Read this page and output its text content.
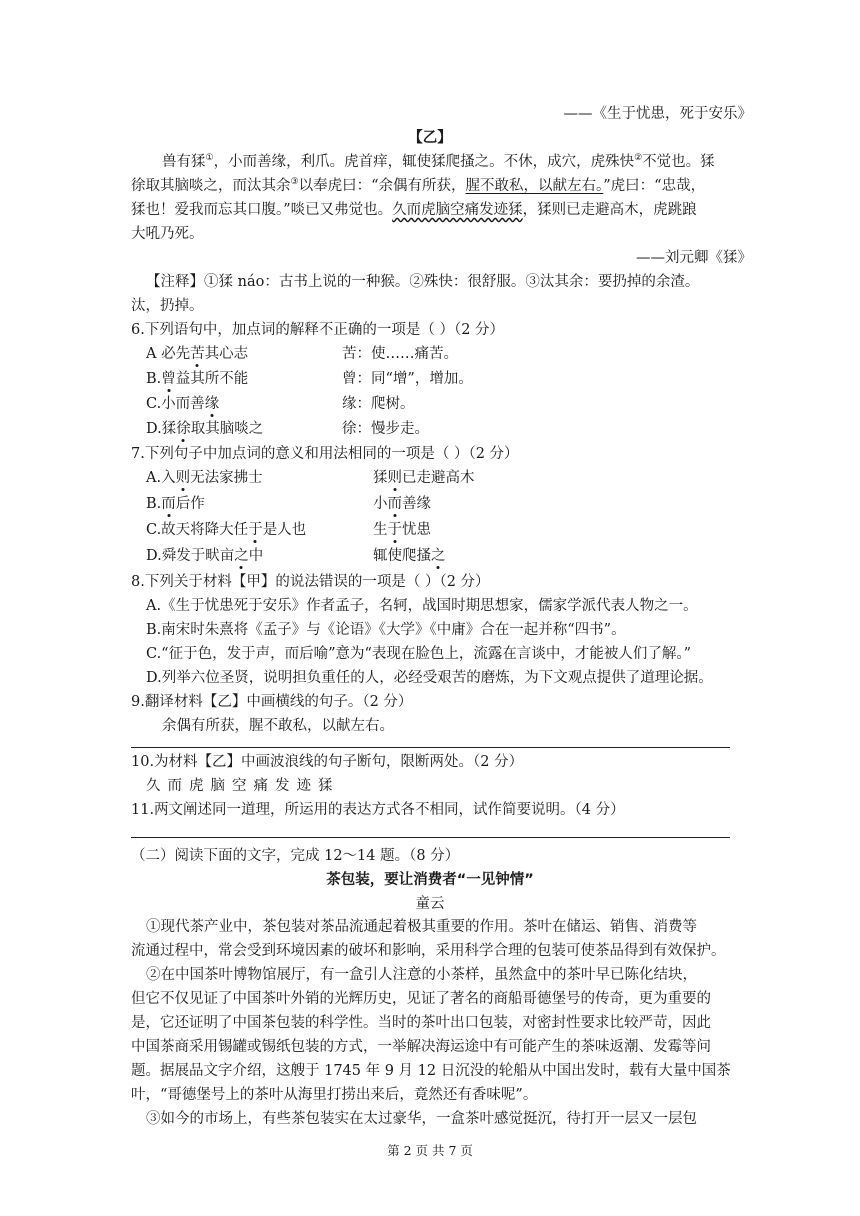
——《生于忧患，死于安乐》
【乙】
兽有猱①，小而善缘，利爪。虎首痒，辄使猱爬搔之。不休，成穴，虎殊快②不觉也。猱
徐取其脑啖之，而汰其余③以奉虎曰：“余偶有所获，腥不敢私，以献左右。”虎曰：“忠哉，
猱也！爱我而忘其口腹。”啖已又弗觉也。久而虎脑空痛发迹猱，猱则已走避高木，虎跳踉
大吼乃死。
——刘元卿《猱》
【注释】①猱 náo：古书上说的一种猴。②殊快：很舒服。③汰其余：要扔掉的余渣。
汰，扔掉。
6.下列语句中，加点词的解释不正确的一项是（ ）（2 分）
A 必先苦其心志	苦：使……痛苦。
B.曾益其所不能	曾：同“增”，增加。
C.小而善缘	缘：爬树。
D.猱徐取其脑啖之	徐：慢步走。
7.下列句子中加点词的意义和用法相同的一项是（ ）（2 分）
A.入则无法家拂士	猱则已走避高木
B.而后作	小而善缘
C.故天将降大任于是人也	生于忧患
D.舜发于畎亩之中	辄使爬搔之
8.下列关于材料【甲】的说法错误的一项是（ ）（2 分）
A.《生于忧患死于安乐》作者孟子，名轲，战国时期思想家，儒家学派代表人物之一。
B.南宋时朱熹将《孟子》与《论语》《大学》《中庸》合在一起并称“四书”。
C.“征于色，发于声，而后喻”意为“表现在脸色上，流露在言谈中，才能被人们了解。”
D.列举六位圣贤，说明担负重任的人，必经受艰苦的磨炼，为下文观点提供了道理论据。
9.翻译材料【乙】中画横线的句子。（2 分）
余偶有所获，腥不敢私，以献左右。
10.为材料【乙】中画波浪线的句子断句，限断两处。（2 分）
久而虎脑空痛发迹猱
11.两文阐述同一道理，所运用的表达方式各不相同，试作简要说明。（4 分）
（二）阅读下面的文字，完成 12～14 题。（8 分）
茶包装，要让消费者“一见钟情”
童云
①现代茶产业中，茶包装对茶品流通起着极其重要的作用。茶叶在储运、销售、消费等
流通过程中，常会受到环境因素的破坏和影响，采用科学合理的包装可使茶品得到有效保护。
②在中国茶叶博物馆展厅，有一盒引人注意的小茶样，虽然盒中的茶叶早已陈化结块，
但它不仅见证了中国茶叶外销的光辉历史，见证了著名的商船哥德堡号的传奇，更为重要的
是，它还证明了中国茶包装的科学性。当时的茶叶出口包装，对密封性要求比较严苛，因此
中国茶商采用锡罐或锡纸包装的方式，一举解决海运途中有可能产生的茶味返潮、发霉等问
题。据展品文字介绍，这艘于 1745 年 9 月 12 日沉没的轮船从中国出发时，载有大量中国茶
叶，“哥德堡号上的茶叶从海里打捞出来后，竟然还有香味呢”。
③如今的市场上，有些茶包装实在太过豪华，一盒茶叶感觉挺沉，待打开一层又一层包
第 2 页 共 7 页
